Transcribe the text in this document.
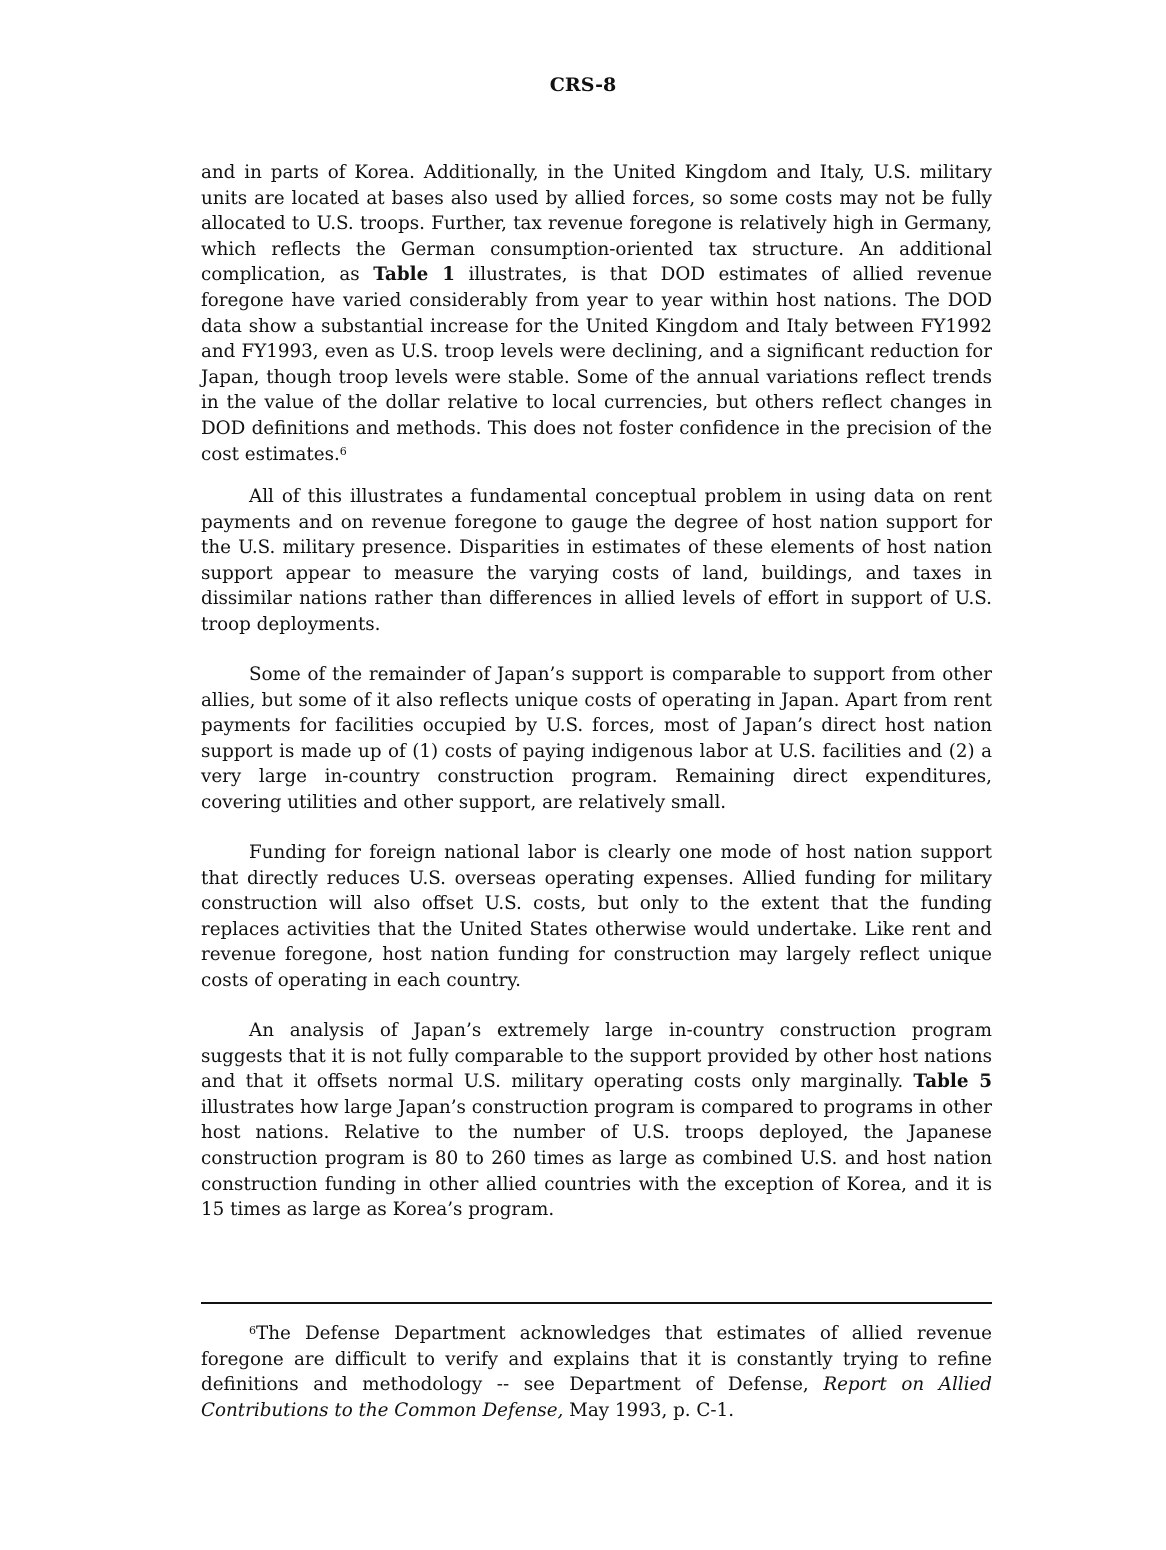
CRS-8

and in parts of Korea. Additionally, in the United Kingdom and Italy, U.S. military units are located at bases also used by allied forces, so some costs may not be fully allocated to U.S. troops. Further, tax revenue foregone is relatively high in Germany, which reflects the German consumption-oriented tax structure. An additional complication, as Table 1 illustrates, is that DOD estimates of allied revenue foregone have varied considerably from year to year within host nations. The DOD data show a substantial increase for the United Kingdom and Italy between FY1992 and FY1993, even as U.S. troop levels were declining, and a significant reduction for Japan, though troop levels were stable. Some of the annual variations reflect trends in the value of the dollar relative to local currencies, but others reflect changes in DOD definitions and methods. This does not foster confidence in the precision of the cost estimates.$^6$

All of this illustrates a fundamental conceptual problem in using data on rent payments and on revenue foregone to gauge the degree of host nation support for the U.S. military presence. Disparities in estimates of these elements of host nation support appear to measure the varying costs of land, buildings, and taxes in dissimilar nations rather than differences in allied levels of effort in support of U.S. troop deployments.

Some of the remainder of Japan’s support is comparable to support from other allies, but some of it also reflects unique costs of operating in Japan. Apart from rent payments for facilities occupied by U.S. forces, most of Japan’s direct host nation support is made up of (1) costs of paying indigenous labor at U.S. facilities and (2) a very large in-country construction program. Remaining direct expenditures, covering utilities and other support, are relatively small.

Funding for foreign national labor is clearly one mode of host nation support that directly reduces U.S. overseas operating expenses. Allied funding for military construction will also offset U.S. costs, but only to the extent that the funding replaces activities that the United States otherwise would undertake. Like rent and revenue foregone, host nation funding for construction may largely reflect unique costs of operating in each country.

An analysis of Japan’s extremely large in-country construction program suggests that it is not fully comparable to the support provided by other host nations and that it offsets normal U.S. military operating costs only marginally. Table 5 illustrates how large Japan’s construction program is compared to programs in other host nations. Relative to the number of U.S. troops deployed, the Japanese construction program is 80 to 260 times as large as combined U.S. and host nation construction funding in other allied countries with the exception of Korea, and it is 15 times as large as Korea’s program.

$^6$The Defense Department acknowledges that estimates of allied revenue foregone are difficult to verify and explains that it is constantly trying to refine definitions and methodology -- see Department of Defense, Report on Allied Contributions to the Common Defense, May 1993, p. C-1.
